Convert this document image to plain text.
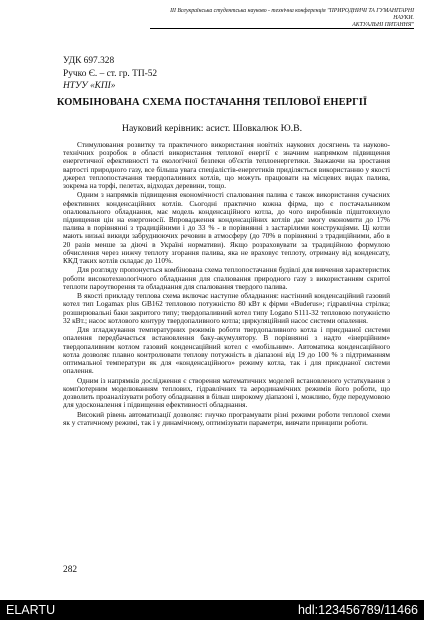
ІІІ Всеукраїнська студентська науково - технічна конференція "ПРИРОДНИЧІ ТА ГУМАНІТАРНІ НАУКИ.
АКТУАЛЬНІ ПИТАННЯ"
УДК 697.328
Ручко Є. – ст. гр. ТП-52
НТУУ «КПІ»
КОМБІНОВАНА СХЕМА ПОСТАЧАННЯ ТЕПЛОВОЇ ЕНЕРГІЇ
Науковий керівник: асист. Шовкалюк Ю.В.

Стимулювання розвитку та практичного використання новітніх наукових досягнень та науково-технічних розробок в області використання теплової енергії є значним напрямком підвищення енергетичної ефективності та екологічної безпеки об'єктів теплоенергетики. Зважаючи на зростання вартості природного газу, все більша увага спеціалістів-енергетиків приділяється використанню у якості джерел теплопостачання твердопаливних котлів, що можуть працювати на місцевих видах палива, зокрема на торфі, пелетах, відходах деревини, тощо.

Одним з напрямків підвищення економічності спалювання палива є також використання сучасних ефективних конденсаційних котлів. Сьогодні практично кожна фірма, що є постачальником опалювального обладнання, має модель конденсаційного котла, до чого виробників підштовхнуло підвищення цін на енергоносії. Впровадження конденсаційних котлів дає змогу економити до 17% палива в порівнянні з традиційними і до 33 % - в порівнянні з застарілими конструкціями. Ці котли мають низькі викиди забруднюючих речовин в атмосферу (до 70% в порівнянні з традиційними, або в 20 разів менше за діючі в Україні нормативи). Якщо розраховувати за традиційною формулою обчислення через нижчу теплоту згорання палива, яка не враховує теплоту, отриману від конденсату, ККД таких котлів складає до 110%.

Для розгляду пропонується комбінована схема теплопостачання будівлі для вивчення характеристик роботи високотехнологічного обладнання для спалювання природного газу з використанням скритої теплоти пароутворення та обладнання для спалювання твердого палива.

В якості прикладу теплова схема включає наступне обладнання: настінний конденсаційний газовий котел тип Logamax plus GB162 тепловою потужністю 80 кВт к фірми «Buderus»; гідравлічна стрілка; розширювальні баки закритого типу; твердопаливний котел типу Logano S111-32 тепловою потужністю 32 кВт.; насос котлового контуру твердопаливного котла; циркуляційний насос системи опалення.

Для згладжування температурних режимів роботи твердопаливного котла і приєднаної системи опалення передбачається встановлення баку-акумулятору. В порівнянні з надто «інерційним» твердопаливним котлом газовий конденсаційний котел є «мобільним». Автоматика конденсаційного котла дозволяє плавно контролювати теплову потужність в діапазоні від 19 до 100 % з підтриманням оптимальної температури як для «конденсаційного» режиму котла, так і для приєднаної системи опалення.

Одним із напрямків дослідження є створення математичних моделей встановленого устаткування з комп'ютерним моделюванням теплових, гідравлічних та аеродинамічних режимів його роботи, що дозволить проаналізувати роботу обладнання в більш широкому діапазоні і, можливо, буде передумовою для удосконалення і підвищення ефективності обладнання.

Високий рівень автоматизації дозволяє: гнучко програмувати різні режими роботи теплової схеми як у статичному режимі, так і у динамічному, оптимізувати параметри, вивчати принципи роботи.

282
ELARTU	hdl:123456789/11466
